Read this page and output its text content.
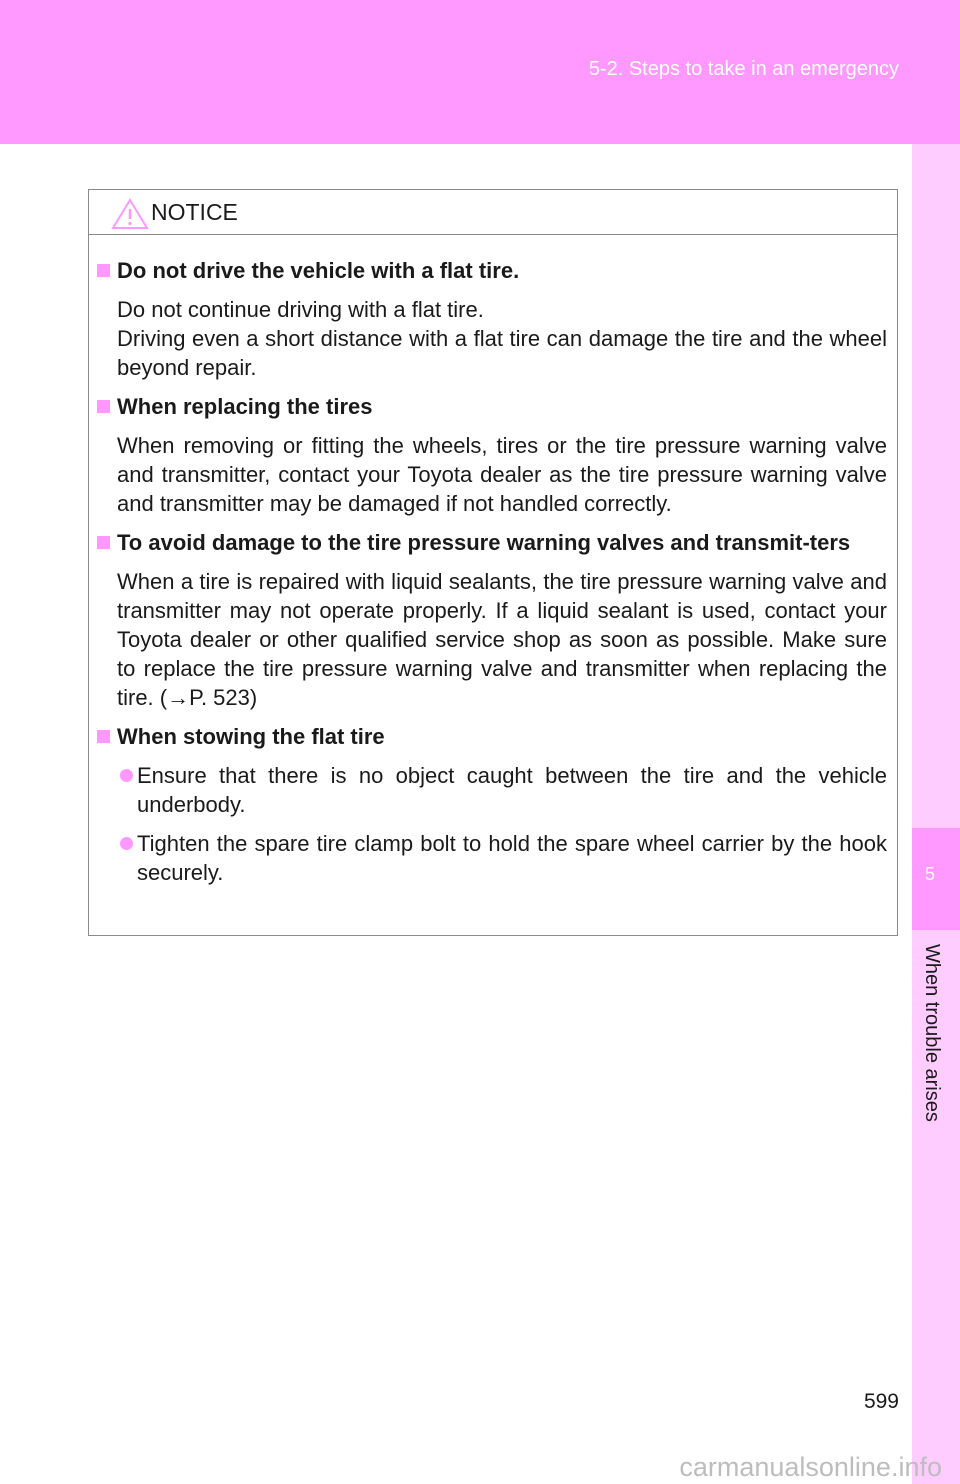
5-2. Steps to take in an emergency
5
When trouble arises
NOTICE
Do not drive the vehicle with a flat tire.
Do not continue driving with a flat tire.
Driving even a short distance with a flat tire can damage the tire and the wheel beyond repair.
When replacing the tires
When removing or fitting the wheels, tires or the tire pressure warning valve and transmitter, contact your Toyota dealer as the tire pressure warning valve and transmitter may be damaged if not handled correctly.
To avoid damage to the tire pressure warning valves and transmit-ters
When a tire is repaired with liquid sealants, the tire pressure warning valve and transmitter may not operate properly. If a liquid sealant is used, contact your Toyota dealer or other qualified service shop as soon as possible. Make sure to replace the tire pressure warning valve and transmitter when replacing the tire. (→P. 523)
When stowing the flat tire
Ensure that there is no object caught between the tire and the vehicle underbody.
Tighten the spare tire clamp bolt to hold the spare wheel carrier by the hook securely.
599
carmanualsonline.info
